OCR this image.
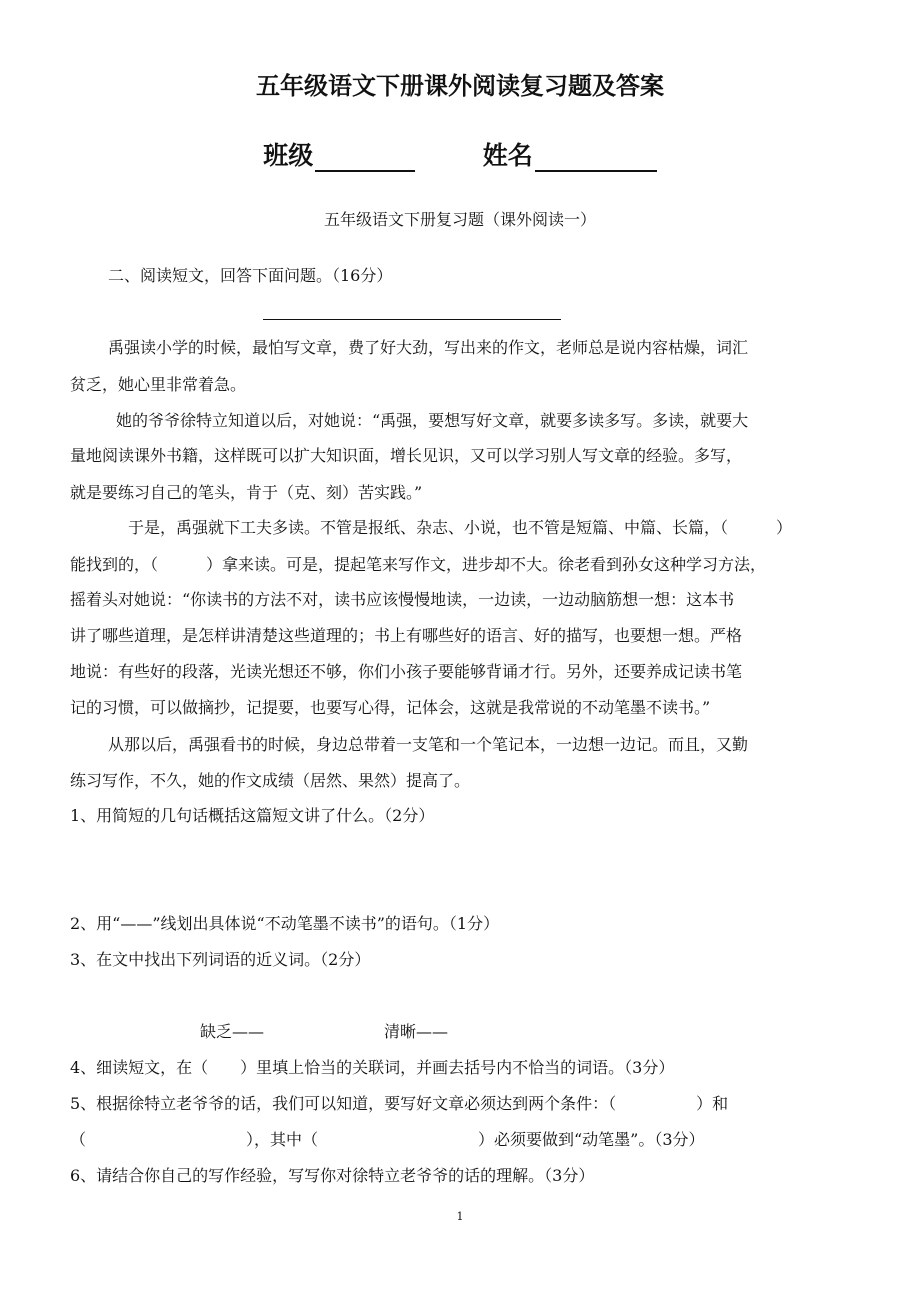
五年级语文下册课外阅读复习题及答案
班级	姓名
五年级语文下册复习题（课外阅读一）
二、阅读短文，回答下面问题。（16分）
禹强读小学的时候，最怕写文章，费了好大劲，写出来的作文，老师总是说内容枯燥，词汇
贫乏，她心里非常着急。
她的爷爷徐特立知道以后，对她说：“禹强，要想写好文章，就要多读多写。多读，就要大
量地阅读课外书籍，这样既可以扩大知识面，增长见识，又可以学习别人写文章的经验。多写，
就是要练习自己的笔头，肯于（克、刻）苦实践。”
于是，禹强就下工夫多读。不管是报纸、杂志、小说，也不管是短篇、中篇、长篇，（　　　）
能找到的，（　　　）拿来读。可是，提起笔来写作文，进步却不大。徐老看到孙女这种学习方法，
摇着头对她说：“你读书的方法不对，读书应该慢慢地读，一边读，一边动脑筋想一想：这本书
讲了哪些道理，是怎样讲清楚这些道理的；书上有哪些好的语言、好的描写，也要想一想。严格
地说：有些好的段落，光读光想还不够，你们小孩子要能够背诵才行。另外，还要养成记读书笔
记的习惯，可以做摘抄，记提要，也要写心得，记体会，这就是我常说的不动笔墨不读书。”
从那以后，禹强看书的时候，身边总带着一支笔和一个笔记本，一边想一边记。而且，又勤
练习写作，不久，她的作文成绩（居然、果然）提高了。
1、用简短的几句话概括这篇短文讲了什么。（2分）
2、用“——”线划出具体说“不动笔墨不读书”的语句。（1分）
3、在文中找出下列词语的近义词。（2分）
缺乏——	清晰——
4、细读短文，在（　　）里填上恰当的关联词，并画去括号内不恰当的词语。（3分）
5、根据徐特立老爷爷的话，我们可以知道，要写好文章必须达到两个条件：（　　　　　）和
（　　　　　　　　　　），其中（　　　　　　　　　　）必须要做到“动笔墨”。（3分）
6、请结合你自己的写作经验，写写你对徐特立老爷爷的话的理解。（3分）
1
